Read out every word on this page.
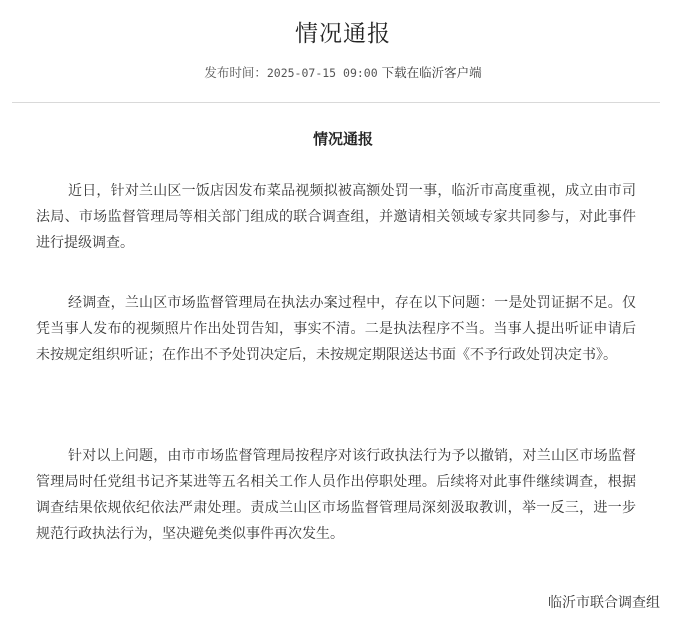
情况通报
发布时间：2025-07-15 09:00 下载在临沂客户端
情况通报

近日，针对兰山区一饭店因发布菜品视频拟被高额处罚一事，临沂市高度重视，成立由市司法局、市场监督管理局等相关部门组成的联合调查组，并邀请相关领域专家共同参与，对此事件进行提级调查。

经调查，兰山区市场监督管理局在执法办案过程中，存在以下问题：一是处罚证据不足。仅凭当事人发布的视频照片作出处罚告知，事实不清。二是执法程序不当。当事人提出听证申请后未按规定组织听证；在作出不予处罚决定后，未按规定期限送达书面《不予行政处罚决定书》。

针对以上问题，由市市场监督管理局按程序对该行政执法行为予以撤销，对兰山区市场监督管理局时任党组书记齐某进等五名相关工作人员作出停职处理。后续将对此事件继续调查，根据调查结果依规依纪依法严肃处理。责成兰山区市场监督管理局深刻汲取教训，举一反三，进一步规范行政执法行为，坚决避免类似事件再次发生。

临沂市联合调查组
